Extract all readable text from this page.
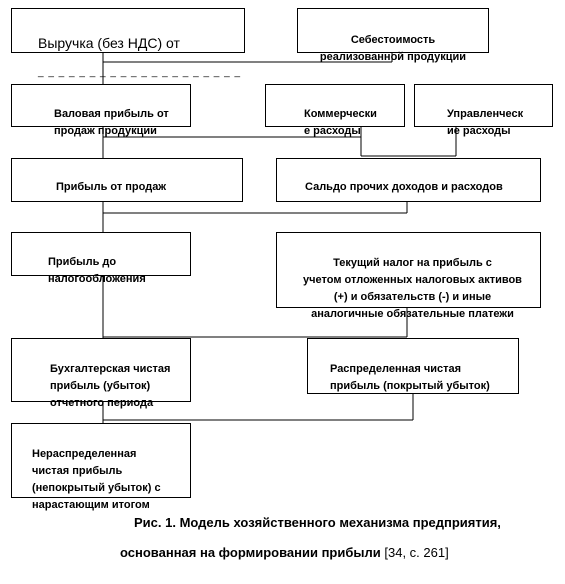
Выручка (без НДС) от

_ _ _ _ _ _ _ _ _ _ _ _ _ _ _ _ _ _ _ _

Себестоимость
реализованной продукции

Валовая прибыль от
продаж продукции

Коммерчески
е расходы

Управленческ
ие расходы

Прибыль от продаж	Сальдо прочих доходов и расходов

Прибыль до
налогообложения

Текущий налог на прибыль с
учетом отложенных налоговых активов
(+) и обязательств (-) и иные
аналогичные обязательные платежи

Бухгалтерская чистая
прибыль (убыток)
отчетного периода

Распределенная чистая
прибыль (покрытый убыток)

Нераспределенная
чистая прибыль
(непокрытый убыток) с
нарастающим итогом

Рис. 1. Модель хозяйственного механизма предприятия,
основанная на формировании прибыли [34, с. 261]
